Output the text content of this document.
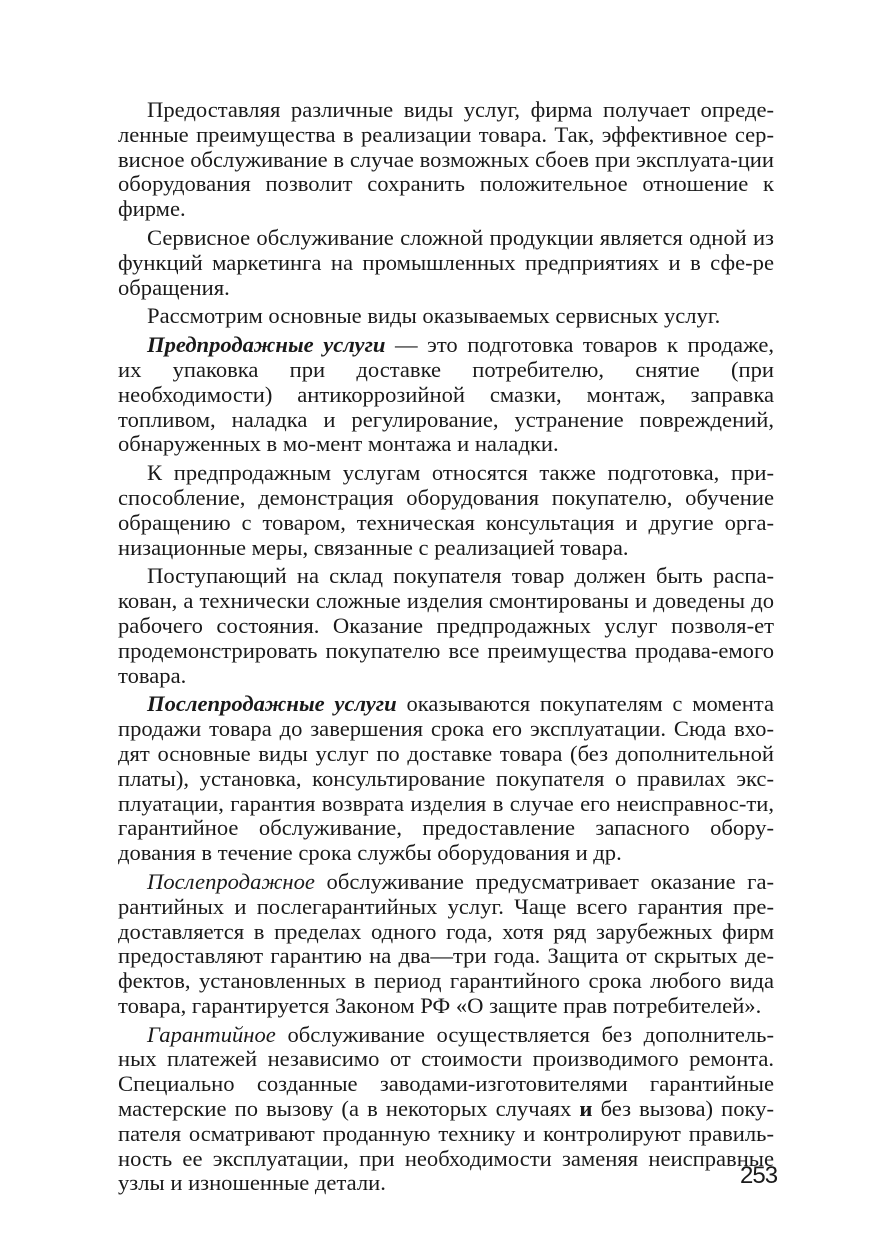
Предоставляя различные виды услуг, фирма получает опреде-ленные преимущества в реализации товара. Так, эффективное сер-висное обслуживание в случае возможных сбоев при эксплуата-ции оборудования позволит сохранить положительное отношение к фирме.

Сервисное обслуживание сложной продукции является одной из функций маркетинга на промышленных предприятиях и в сфе-ре обращения.

Рассмотрим основные виды оказываемых сервисных услуг.

Предпродажные услуги — это подготовка товаров к продаже, их упаковка при доставке потребителю, снятие (при необходимости) антикоррозийной смазки, монтаж, заправка топливом, наладка и регулирование, устранение повреждений, обнаруженных в мо-мент монтажа и наладки.

К предпродажным услугам относятся также подготовка, при-способление, демонстрация оборудования покупателю, обучение обращению с товаром, техническая консультация и другие орга-низационные меры, связанные с реализацией товара.

Поступающий на склад покупателя товар должен быть распа-кован, а технически сложные изделия смонтированы и доведены до рабочего состояния. Оказание предпродажных услуг позволя-ет продемонстрировать покупателю все преимущества продава-емого товара.

Послепродажные услуги оказываются покупателям с момента продажи товара до завершения срока его эксплуатации. Сюда вхо-дят основные виды услуг по доставке товара (без дополнительной платы), установка, консультирование покупателя о правилах экс-плуатации, гарантия возврата изделия в случае его неисправнос-ти, гарантийное обслуживание, предоставление запасного обору-дования в течение срока службы оборудования и др.

Послепродажное обслуживание предусматривает оказание га-рантийных и послегарантийных услуг. Чаще всего гарантия пре-доставляется в пределах одного года, хотя ряд зарубежных фирм предоставляют гарантию на два—три года. Защита от скрытых де-фектов, установленных в период гарантийного срока любого вида товара, гарантируется Законом РФ «О защите прав потребителей».

Гарантийное обслуживание осуществляется без дополнитель-ных платежей независимо от стоимости производимого ремонта. Специально созданные заводами-изготовителями гарантийные мастерские по вызову (а в некоторых случаях и без вызова) поку-пателя осматривают проданную технику и контролируют правиль-ность ее эксплуатации, при необходимости заменяя неисправные узлы и изношенные детали.	253
